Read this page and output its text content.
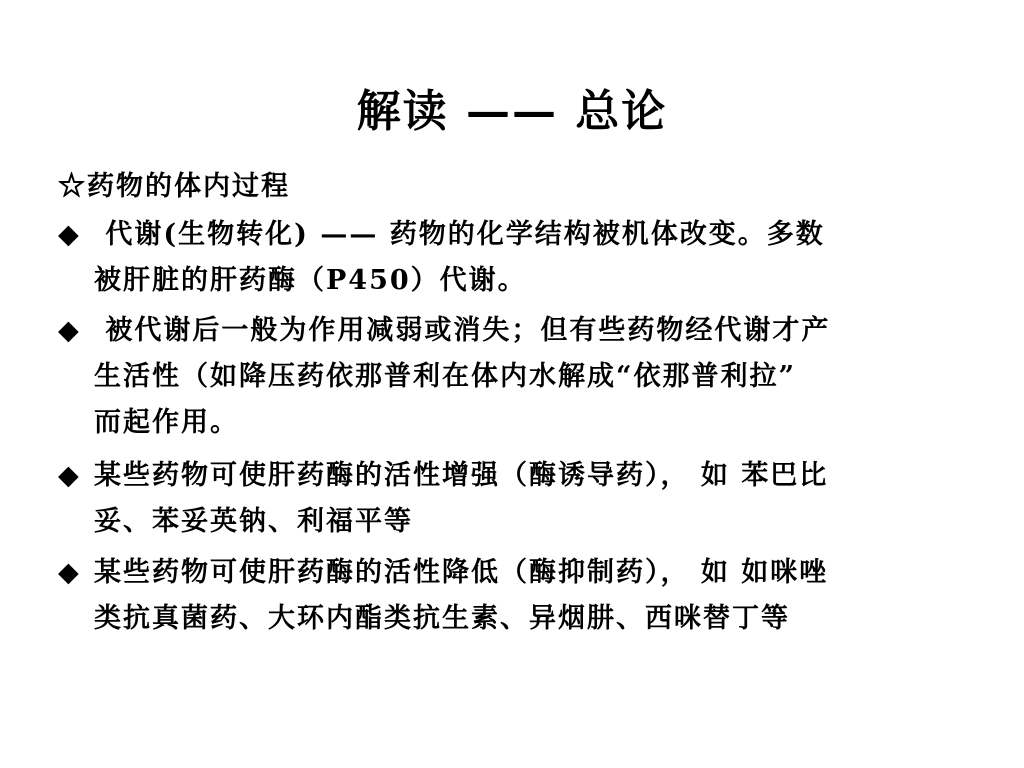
解读 —— 总论
☆药物的体内过程
◆ 代谢(生物转化) —— 药物的化学结构被机体改变。多数
被肝脏的肝药酶（P450）代谢。
◆ 被代谢后一般为作用减弱或消失；但有些药物经代谢才产
生活性（如降压药依那普利在体内水解成“依那普利拉”
而起作用。
◆ 某些药物可使肝药酶的活性增强（酶诱导药）， 如 苯巴比
妥、苯妥英钠、利福平等
◆ 某些药物可使肝药酶的活性降低（酶抑制药）， 如 如咪唑
类抗真菌药、大环内酯类抗生素、异烟肼、西咪替丁等
